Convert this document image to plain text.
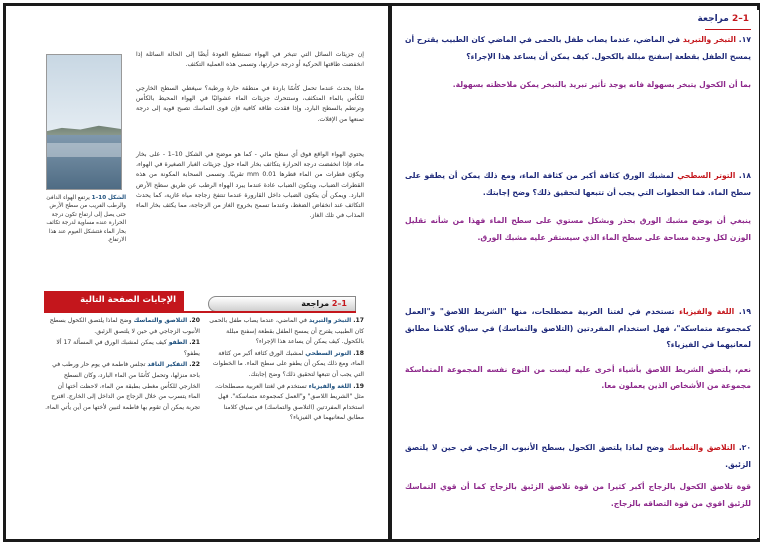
إن جزيئات السائل التي تتبخر في الهواء تستطيع العودة أيضًا إلى الحالة السائلة إذا انخفضت طاقتها الحركية أو درجة حرارتها، وتسمى هذه العملية التكثف.
ماذا يحدث عندما تحمل كأسًا باردة في منطقة حارة ورطبة؟ سيغطي السطح الخارجي للكأس بالماء المتكثف، وستتحرك جزيئات الماء عشوائيًا في الهواء المحيط بالكأس وترتطم بالسطح البارد، وإذا فقدت طاقة كافية فإن قوى التماسك تصبح قوية إلى درجة تمنعها من الإفلات.
يحتوي الهواء الواقع فوق أي سطح مائي - كما هو موضح في الشكل 10–1 - على بخار ماء، فإذا انخفضت درجة الحرارة يتكاثف بخار الماء حول جزيئات الغبار الصغيرة في الهواء، ويكوّن قطرات من الماء قطرها 0.01 mm تقريبًا. وتسمى السحابة المكونة من هذه القطرات الضباب، ويتكون الضباب عادة عندما يبرد الهواء الرطب عن طريق سطح الأرض البارد. ويمكن أن يتكون الضباب داخل القارورة عندما تنتفخ زجاجة مياه غازية، كما يحدث التكاثف عند انخفاض الضغط، وعندما تسمح بخروج الغاز من الزجاجة، مما يكثف بخار الماء المذاب في تلك الغاز.
الشكل 10–1 يرتفع الهواء الدافئ والرطب القريب من سطح الأرض حتى يصل إلى ارتفاع تكون درجة الحرارة عنده مساوية لدرجة تكاثف بخار الماء فتتشكل الغيوم عند هذا الارتفاع.
الإجابات الصفحة التالية	1–2 مراجعة
17. التبخر والتبريد في الماضي، عندما يصاب طفل بالحمى كان الطبيب يقترح أن يمسح الطفل بقطعة إسفنج مبللة بالكحول. كيف يمكن أن يساعد هذا الإجراء؟
18. التوتر السطحي لمشبك الورق كثافة أكبر من كثافة الماء، ومع ذلك يمكن أن يطفو على سطح الماء. ما الخطوات التي يجب أن تتبعها لتحقيق ذلك؟ وضح إجابتك.
19. اللغة والفيزياء تستخدم في لغتنا العربية مصطلحات، مثل "الشريط اللاصق" و"العمل كمجموعة متماسكة". فهل استخدام المفردتين (التلاصق والتماسك) في سياق كلامنا مطابق لمعانيهما في الفيزياء؟
20. التلاصق والتماسك وضح لماذا يلتصق الكحول بسطح الأنبوب الزجاجي في حين لا يلتصق الزئبق.
21. الطفو كيف يمكن لمشبك الورق في المسألة 17 ألا يطفو؟
22. التفكير الناقد تجلس فاطمة في يوم حار ورطب في باحة منزلها، وتحمل كأسًا من الماء البارد، وكان السطح الخارجي للكأس مغطى بطبقة من الماء، لاحظت أختها أن الماء يتسرب من خلال الزجاج من الداخل إلى الخارج. اقترح تجربة يمكن أن تقوم بها فاطمة لتبين لأختها من أين يأتي الماء.
1–2 مراجعة
١٧. التبخر والتبريد في الماضي، عندما يصاب طفل بالحمى في الماضي كان الطبيب يقترح أن يمسح الطفل بقطعة إسفنج مبللة بالكحول. كيف يمكن أن يساعد هذا الإجراء؟
بما أن الكحول يتبخر بسهولة فانه يوجد تأثير تبريد بالتبخر يمكن ملاحظته بسهولة.
١٨. التوتر السطحي لمشبك الورق كثافة أكبر من كثافة الماء، ومع ذلك يمكن أن يطفو على سطح الماء. فما الخطوات التي يجب أن تتبعها لتحقيق ذلك؟ وضح إجابتك.
ينبغي أن يوضع مشبك الورق بحذر وبشكل مستوي على سطح الماء فهذا من شأنه تقليل الوزن لكل وحدة مساحة على سطح الماء الذي سيستقر عليه مشبك الورق.
١٩. اللغة والفيزياء تستخدم في لغتنا العربية مصطلحات، منها "الشريط اللاصق" و"العمل كمجموعة متماسكة"، فهل استخدام المفردتين (التلاصق والتماسك) في سياق كلامنا مطابق لمعانيهما في الفيزياء؟
نعم، يلتصق الشريط اللاصق بأشياء أخرى عليه ليست من النوع نفسه المجموعة المتماسكة مجموعة من الأشخاص الذين يعملون معا.
٢٠. التلاصق والتماسك وضح لماذا يلتصق الكحول بسطح الأنبوب الزجاجي في حين لا يلتصق الزئبق.
قوة تلاصق الكحول بالزجاج أكبر كثيرا من قوة تلاصق الزئبق بالزجاج كما أن قوي التماسك للزئبق اقوي من قوة التصاقه بالزجاج.
